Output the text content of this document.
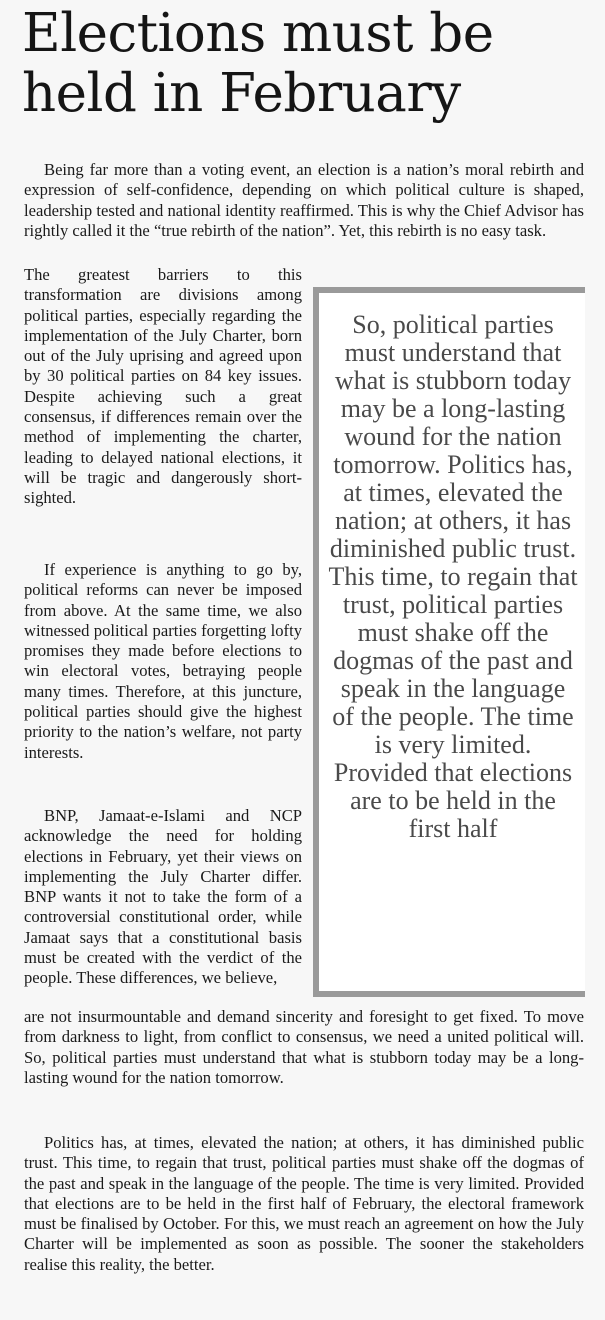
Elections must be held in February

Being far more than a voting event, an election is a nation’s moral rebirth and expression of self-confidence, depending on which political culture is shaped, leadership tested and national identity reaffirmed. This is why the Chief Advisor has rightly called it the “true rebirth of the nation”. Yet, this rebirth is no easy task.

The greatest barriers to this transformation are divisions among political parties, especially regarding the implementation of the July Charter, born out of the July uprising and agreed upon by 30 political parties on 84 key issues. Despite achieving such a great consensus, if differences remain over the method of implementing the charter, leading to delayed national elections, it will be tragic and dangerously short-sighted.

If experience is anything to go by, political reforms can never be imposed from above. At the same time, we also witnessed political parties forgetting lofty promises they made before elections to win electoral votes, betraying people many times. Therefore, at this juncture, political parties should give the highest priority to the nation’s welfare, not party interests.

BNP, Jamaat-e-Islami and NCP acknowledge the need for holding elections in February, yet their views on implementing the July Charter differ. BNP wants it not to take the form of a controversial constitutional order, while Jamaat says that a constitutional basis must be created with the verdict of the people. These differences, we believe,

are not insurmountable and demand sincerity and foresight to get fixed. To move from darkness to light, from conflict to consensus, we need a united political will. So, political parties must understand that what is stubborn today may be a long-lasting wound for the nation tomorrow.

Politics has, at times, elevated the nation; at others, it has diminished public trust. This time, to regain that trust, political parties must shake off the dogmas of the past and speak in the language of the people. The time is very limited. Provided that elections are to be held in the first half of February, the electoral framework must be finalised by October. For this, we must reach an agreement on how the July Charter will be implemented as soon as possible. The sooner the stakeholders realise this reality, the better.

So, political parties must understand that what is stubborn today may be a long-lasting wound for the nation tomorrow. Politics has, at times, elevated the nation; at others, it has diminished public trust. This time, to regain that trust, political parties must shake off the dogmas of the past and speak in the language of the people. The time is very limited. Provided that elections are to be held in the first half
